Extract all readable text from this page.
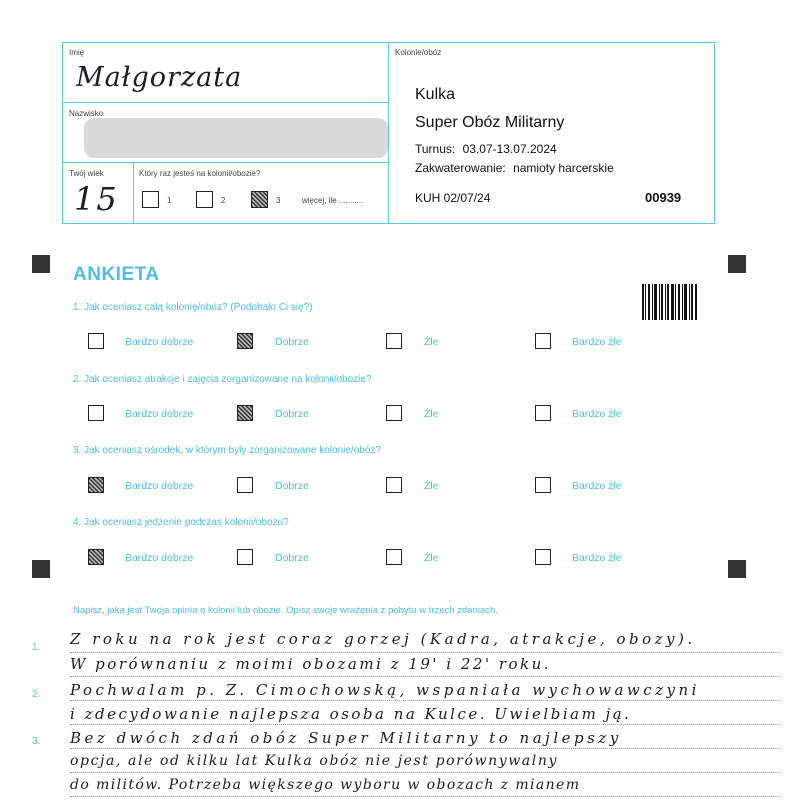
Imię
Małgorzata
Nazwisko
Twój wiek
15
Który raz jesteś na kolonii/obozie?
1	2	3	więcej, ile ...........
Kolonie/obóz
Kulka
Super Obóz Militarny
Turnus: 03.07-13.07.2024
Zakwaterowanie: namioty harcerskie
KUH 02/07/24	00939
ANKIETA
1. Jak oceniasz całą kolonię/obóz? (Podobało Ci się?)
Bardzo dobrze	Dobrze	Źle	Bardzo źle
2. Jak oceniasz atrakcje i zajęcia zorganizowane na kolonii/obozie?
Bardzo dobrze	Dobrze	Źle	Bardzo źle
3. Jak oceniasz ośrodek, w którym były zorganizowane kolonie/obóz?
Bardzo dobrze	Dobrze	Źle	Bardzo źle
4. Jak oceniasz jedzenie podczas kolonii/obozu?
Bardzo dobrze	Dobrze	Źle	Bardzo źle
Napisz, jaka jest Twoja opinia o kolonii lub obozie. Opisz swoje wrażenia z pobytu w trzech zdaniach.
1.
2.
3.
Z roku na rok jest coraz gorzej (Kadra, atrakcje, obozy).
W porównaniu z moimi obozami z 19' i 22' roku.
Pochwalam p. Z. Cimochowską, wspaniała wychowawczyni
i zdecydowanie najlepsza osoba na Kulce. Uwielbiam ją.
Bez dwóch zdań obóz Super Militarny to najlepszy
opcja, ale od kilku lat Kulka obóz nie jest porównywalny
do militów. Potrzeba większego wyboru w obozach z mianem
